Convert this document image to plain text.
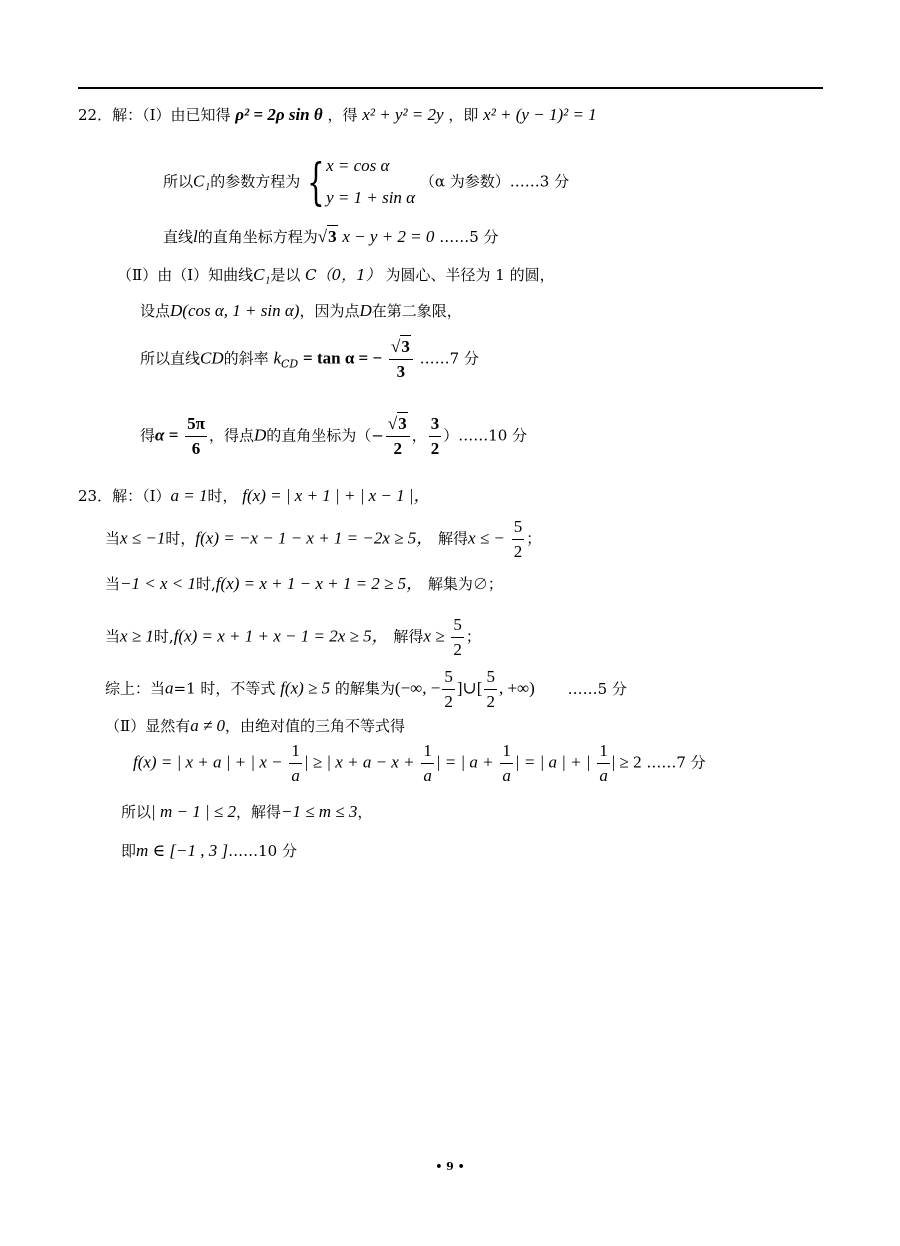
22．解：（Ⅰ）由已知得 ρ² = 2ρ sin θ ，得 x² + y² = 2y ，即 x² + (y − 1)² = 1
所以C₁的参数方程为 { x = cos α
y = 1 + sin α
（α 为参数）……3 分
直线l的直角坐标方程为√3 x − y + 2 = 0 ……5 分
（Ⅱ）由（Ⅰ）知曲线C₁是以 C（0，1） 为圆心、半径为 1 的圆，
设点D(cos α, 1 + sin α)，因为点D在第二象限，
所以直线CD的斜率 $k_{CD} = \tan \alpha$ = − $\frac{√3}{3}$ ……7 分
得$\alpha = \frac{5\pi}{6}$ ，得点D的直角坐标为（− $\frac{√3}{2}$ ， $\frac{3}{2}$ ）……10 分
23．解：（Ⅰ）a = 1时， f(x) = | x + 1 | + | x − 1 |，
当x ≤ −1时，f(x) = −x − 1 − x + 1 = −2x ≥ 5， 解得x ≤ − $\frac{5}{2}$ ；
当−1 < x < 1时,f(x) = x + 1 − x + 1 = 2 ≥ 5， 解集为∅；
当x ≥ 1时,f(x) = x + 1 + x − 1 = 2x ≥ 5， 解得$x \ge \frac{5}{2}$ ；
综上：当a=1 时，不等式 f(x) ≥ 5 的解集为(−∞, − $\frac{5}{2}$ ]∪[ $\frac{5}{2}$ , +∞) ……5 分
（Ⅱ）显然有a ≠ 0，由绝对值的三角不等式得
f(x) = | x + a | + | $x - \frac{1}{a}$ | ≥ | $x + a - x + \frac{1}{a}$ | = | $a + \frac{1}{a}$ | = | a | + | $\frac{1}{a}$ | ≥ 2 ……7 分
所以| m − 1 | ≤ 2，解得−1 ≤ m ≤ 3，
即m ∈ [−1 , 3 ]……10 分
• 9 •
